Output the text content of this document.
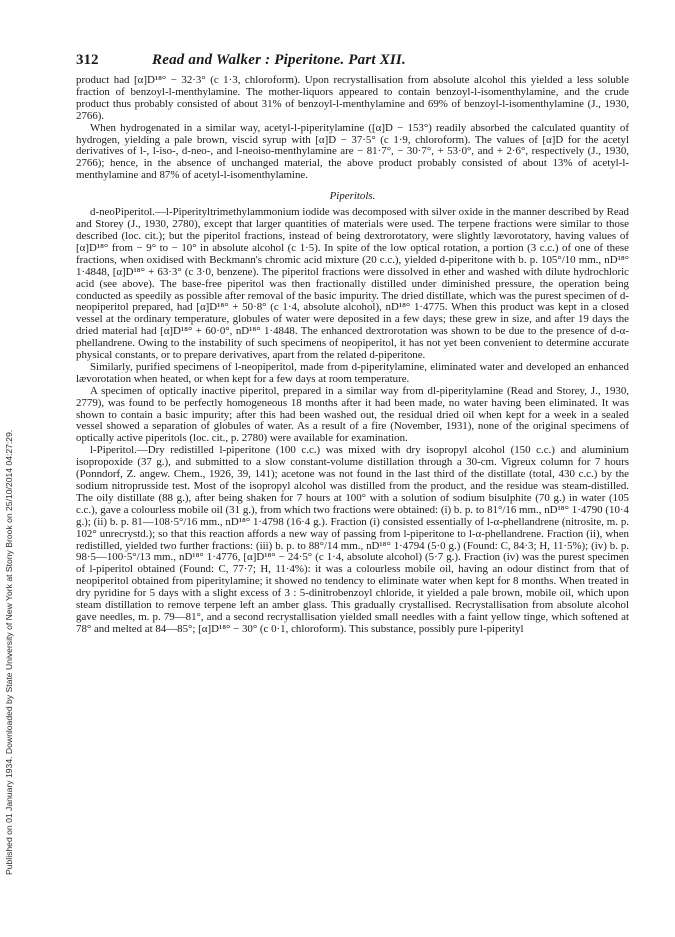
Published on 01 January 1934. Downloaded by State University of New York at Stony Brook on 25/10/2014 04:27:29.
312	Read and Walker : Piperitone. Part XII.

product had [α]D¹⁸° − 32·3° (c 1·3, chloroform). Upon recrystallisation from absolute alcohol this yielded a less soluble fraction of benzoyl-l-menthylamine. The mother-liquors appeared to contain benzoyl-l-isomenthylamine, and the crude product thus probably consisted of about 31% of benzoyl-l-menthylamine and 69% of benzoyl-l-isomenthylamine (J., 1930, 2766).

When hydrogenated in a similar way, acetyl-l-piperitylamine ([α]D − 153°) readily absorbed the calculated quantity of hydrogen, yielding a pale brown, viscid syrup with [α]D − 37·5° (c 1·9, chloroform). The values of [α]D for the acetyl derivatives of l-, l-iso-, d-neo-, and l-neoiso-menthylamine are − 81·7°, − 30·7°, + 53·0°, and + 2·6°, respectively (J., 1930, 2766); hence, in the absence of unchanged material, the above product probably consisted of about 13% of acetyl-l-menthylamine and 87% of acetyl-l-isomenthylamine.

Piperitols.

d-neoPiperitol.—l-Piperityltrimethylammonium iodide was decomposed with silver oxide in the manner described by Read and Storey (J., 1930, 2780), except that larger quantities of materials were used. The terpene fractions were similar to those described (loc. cit.); but the piperitol fractions, instead of being dextrorotatory, were slightly lævorotatory, having values of [α]D¹⁸° from − 9° to − 10° in absolute alcohol (c 1·5). In spite of the low optical rotation, a portion (3 c.c.) of one of these fractions, when oxidised with Beckmann's chromic acid mixture (20 c.c.), yielded d-piperitone with b. p. 105°/10 mm., nD¹⁸° 1·4848, [α]D¹⁸° + 63·3° (c 3·0, benzene). The piperitol fractions were dissolved in ether and washed with dilute hydrochloric acid (see above). The base-free piperitol was then fractionally distilled under diminished pressure, the operation being conducted as speedily as possible after removal of the basic impurity. The dried distillate, which was the purest specimen of d-neopiperitol prepared, had [α]D¹⁸° + 50·8° (c 1·4, absolute alcohol), nD¹⁸° 1·4775. When this product was kept in a closed vessel at the ordinary temperature, globules of water were deposited in a few days; these grew in size, and after 19 days the dried material had [α]D¹⁸° + 60·0°, nD¹⁸° 1·4848. The enhanced dextrorotation was shown to be due to the presence of d-α-phellandrene. Owing to the instability of such specimens of neopiperitol, it has not yet been convenient to determine accurate physical constants, or to prepare derivatives, apart from the related d-piperitone.

Similarly, purified specimens of l-neopiperitol, made from d-piperitylamine, eliminated water and developed an enhanced lævorotation when heated, or when kept for a few days at room temperature.

A specimen of optically inactive piperitol, prepared in a similar way from dl-piperitylamine (Read and Storey, J., 1930, 2779), was found to be perfectly homogeneous 18 months after it had been made, no water having been eliminated. It was shown to contain a basic impurity; after this had been washed out, the residual dried oil when kept for a week in a sealed vessel showed a separation of globules of water. As a result of a fire (November, 1931), none of the original specimens of optically active piperitols (loc. cit., p. 2780) were available for examination.

l-Piperitol.—Dry redistilled l-piperitone (100 c.c.) was mixed with dry isopropyl alcohol (150 c.c.) and aluminium isopropoxide (37 g.), and submitted to a slow constant-volume distillation through a 30-cm. Vigreux column for 7 hours (Ponndorf, Z. angew. Chem., 1926, 39, 141); acetone was not found in the last third of the distillate (total, 430 c.c.) by the sodium nitroprusside test. Most of the isopropyl alcohol was distilled from the product, and the residue was steam-distilled. The oily distillate (88 g.), after being shaken for 7 hours at 100° with a solution of sodium bisulphite (70 g.) in water (105 c.c.), gave a colourless mobile oil (31 g.), from which two fractions were obtained: (i) b. p. to 81°/16 mm., nD¹⁸° 1·4790 (10·4 g.); (ii) b. p. 81—108·5°/16 mm., nD¹⁸° 1·4798 (16·4 g.). Fraction (i) consisted essentially of l-α-phellandrene (nitrosite, m. p. 102° unrecrystd.); so that this reaction affords a new way of passing from l-piperitone to l-α-phellandrene. Fraction (ii), when redistilled, yielded two further fractions: (iii) b. p. to 88°/14 mm., nD¹⁸° 1·4794 (5·0 g.) (Found: C, 84·3; H, 11·5%); (iv) b. p. 98·5—100·5°/13 mm., nD¹⁸° 1·4776, [α]D¹⁸° − 24·5° (c 1·4, absolute alcohol) (5·7 g.). Fraction (iv) was the purest specimen of l-piperitol obtained (Found: C, 77·7; H, 11·4%): it was a colourless mobile oil, having an odour distinct from that of neopiperitol obtained from piperitylamine; it showed no tendency to eliminate water when kept for 8 months. When treated in dry pyridine for 5 days with a slight excess of 3 : 5-dinitrobenzoyl chloride, it yielded a pale brown, mobile oil, which upon steam distillation to remove terpene left an amber glass. This gradually crystallised. Recrystallisation from absolute alcohol gave needles, m. p. 79—81°, and a second recrystallisation yielded small needles with a faint yellow tinge, which softened at 78° and melted at 84—85°; [α]D¹⁸° − 30° (c 0·1, chloroform). This substance, possibly pure l-piperityl
